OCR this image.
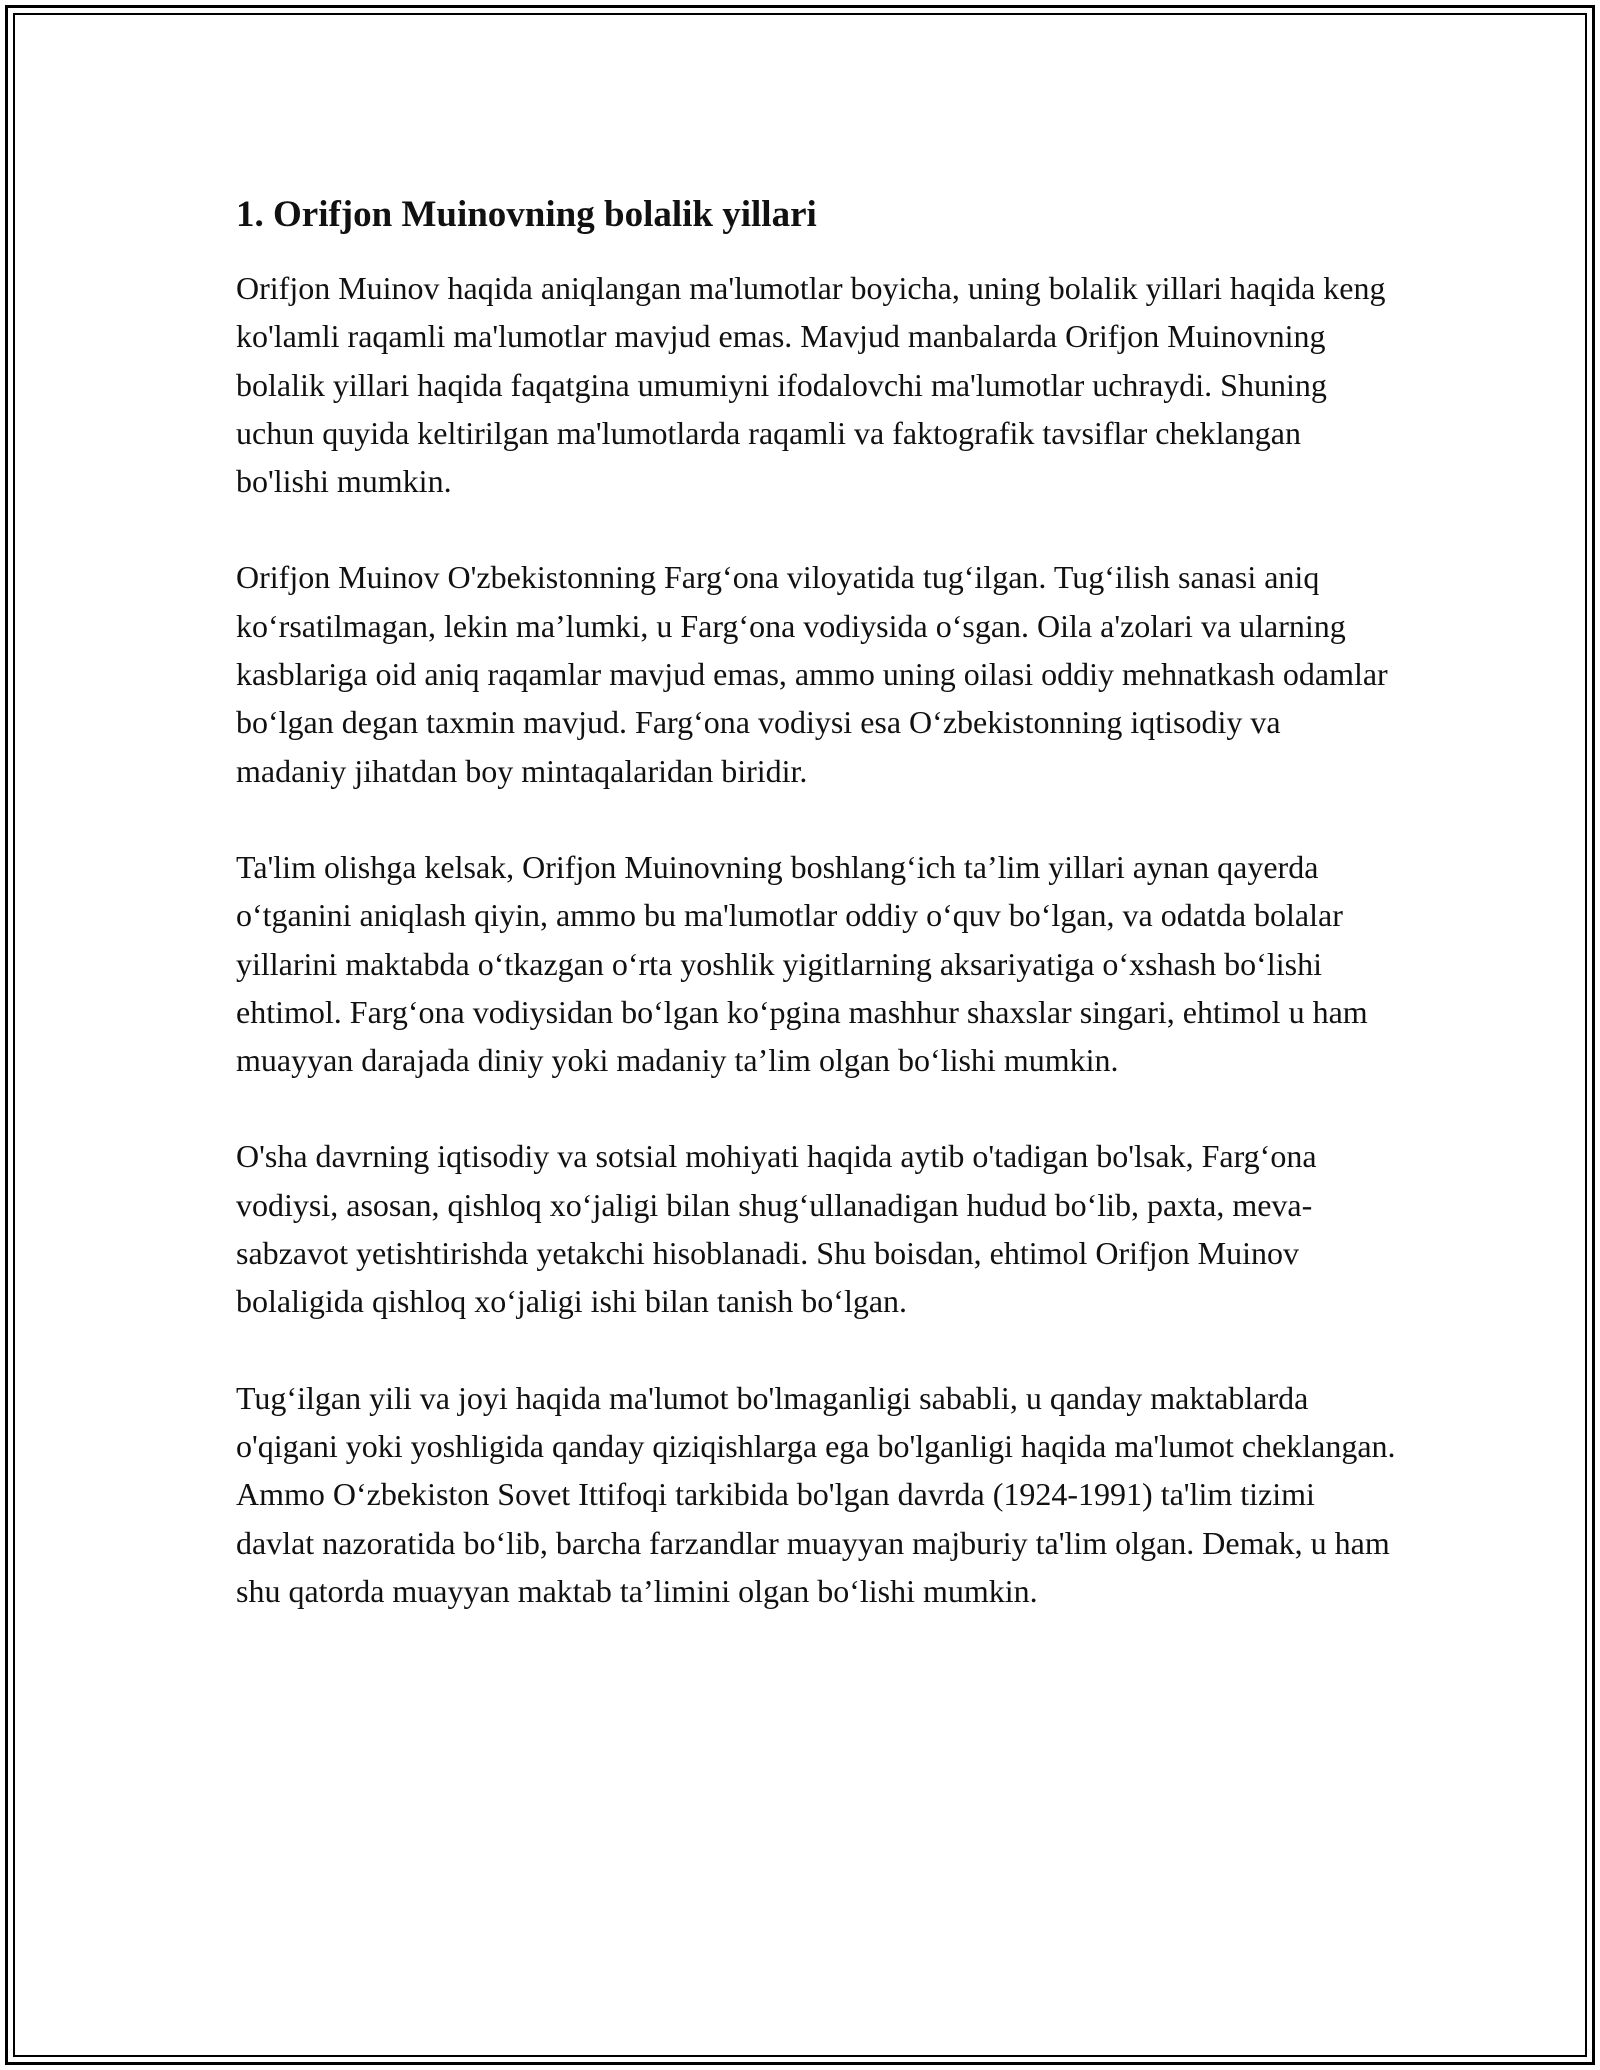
1. Orifjon Muinovning bolalik yillari

Orifjon Muinov haqida aniqlangan ma'lumotlar boyicha, uning bolalik yillari haqida keng ko'lamli raqamli ma'lumotlar mavjud emas. Mavjud manbalarda Orifjon Muinovning bolalik yillari haqida faqatgina umumiyni ifodalovchi ma'lumotlar uchraydi. Shuning uchun quyida keltirilgan ma'lumotlarda raqamli va faktografik tavsiflar cheklangan bo'lishi mumkin.

Orifjon Muinov O'zbekistonning Farg‘ona viloyatida tug‘ilgan. Tug‘ilish sanasi aniq ko‘rsatilmagan, lekin ma’lumki, u Farg‘ona vodiysida o‘sgan. Oila a'zolari va ularning kasblariga oid aniq raqamlar mavjud emas, ammo uning oilasi oddiy mehnatkash odamlar bo‘lgan degan taxmin mavjud. Farg‘ona vodiysi esa O‘zbekistonning iqtisodiy va madaniy jihatdan boy mintaqalaridan biridir.

Ta'lim olishga kelsak, Orifjon Muinovning boshlang‘ich ta’lim yillari aynan qayerda o‘tganini aniqlash qiyin, ammo bu ma'lumotlar oddiy o‘quv bo‘lgan, va odatda bolalar yillarini maktabda o‘tkazgan o‘rta yoshlik yigitlarning aksariyatiga o‘xshash bo‘lishi ehtimol. Farg‘ona vodiysidan bo‘lgan ko‘pgina mashhur shaxslar singari, ehtimol u ham muayyan darajada diniy yoki madaniy ta’lim olgan bo‘lishi mumkin.

O'sha davrning iqtisodiy va sotsial mohiyati haqida aytib o'tadigan bo'lsak, Farg‘ona vodiysi, asosan, qishloq xo‘jaligi bilan shug‘ullanadigan hudud bo‘lib, paxta, meva-sabzavot yetishtirishda yetakchi hisoblanadi. Shu boisdan, ehtimol Orifjon Muinov bolaligida qishloq xo‘jaligi ishi bilan tanish bo‘lgan.

Tug‘ilgan yili va joyi haqida ma'lumot bo'lmaganligi sababli, u qanday maktablarda o'qigani yoki yoshligida qanday qiziqishlarga ega bo'lganligi haqida ma'lumot cheklangan. Ammo O‘zbekiston Sovet Ittifoqi tarkibida bo'lgan davrda (1924-1991) ta'lim tizimi davlat nazoratida bo‘lib, barcha farzandlar muayyan majburiy ta'lim olgan. Demak, u ham shu qatorda muayyan maktab ta’limini olgan bo‘lishi mumkin.
